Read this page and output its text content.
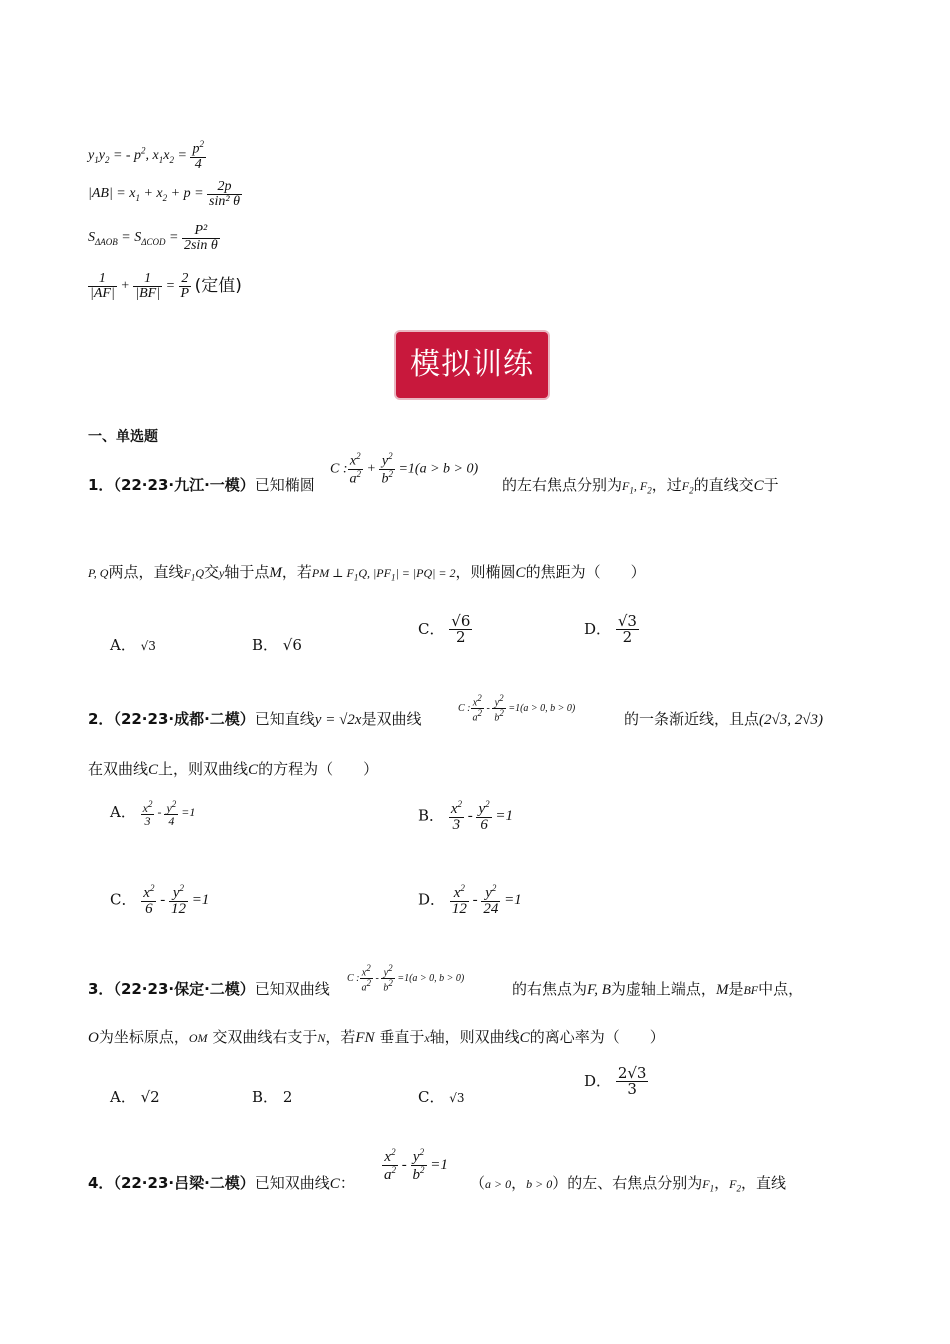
$y_1y_2$ = - $p^2$, $x_1x_2 = \frac{p^2}{4}$
$|AB| = x_1 + x_2 + p = \frac{2p}{\text{sin² θ}}$
$S_{\Delta AOB} = S_{\Delta COD} = \frac{\text{P²}}{\text{2sin θ}}$
$\frac{1}{|AF|} + \frac{1}{|BF|} = \frac{2}{P}$ (定值)
模拟训练
一、单选题
1．（22·23·九江·一模）已知椭圆
C : $\frac{x^2}{a^2} + \frac{y^2}{b^2} =1(a > b > 0)$
的左右焦点分别为$F_1$, $F_2$，过$F_2$的直线交C于
P, Q两点，直线$F_1Q$交y轴于点M，若PM ⊥ $F_1Q$, $|PF_1| = |PQ| = 2$，则椭圆C的焦距为（　　）
A． √3	B． √6
C． $\frac{√6}{2}$	D． $\frac{√3}{2}$
2．（22·23·成都·二模）已知直线y = √2x是双曲线
C : $\frac{x2}{a2} - \frac{y2}{b2} =1(a > 0$, b > 0)
的一条渐近线，且点(2√3, 2√3)
在双曲线C上，则双曲线C的方程为（　　）
A． $\frac{x^2}{3} - \frac{y^2}{4} =1$	B． $\frac{x^2}{3} - \frac{y^2}{6} =1$
C． $\frac{x^2}{6} - \frac{y^2}{12} =1$	D． $\frac{x^2}{12} - \frac{y^2}{24} =1$
3．（22·23·保定·二模）已知双曲线
C : $\frac{x2}{a2} - \frac{y2}{b2} =1(a > 0$, b > 0)
的右焦点为F, B为虚轴上端点，M是BF中点，
O为坐标原点，OM 交双曲线右支于N，若FN 垂直于x轴，则双曲线C的离心率为（　　）
A． √2	B． 2	C． √3
D． $\frac{2√3}{3}$
4．（22·23·吕梁·二模）已知双曲线C： $\frac{x^2}{a^2} - \frac{y^2}{b^2} =1$
（a > 0，b > 0）的左、右焦点分别为$F_1$，$F_2$，直线
